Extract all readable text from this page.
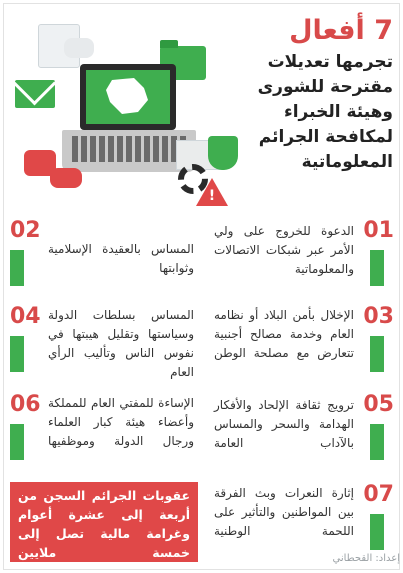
!
7 أفعال
تجرمها تعديلات مقترحة للشورى وهيئة الخبراء لمكافحة الجرائم المعلوماتية
01
الدعوة للخروج على ولي الأمر عبر شبكات الاتصالات والمعلوماتية
03
الإخلال بأمن البلاد أو نظامه العام وخدمة مصالح أجنبية تتعارض مع مصلحة الوطن
05
ترويج ثقافة الإلحاد والأفكار الهدامة والسحر والمساس بالآداب العامة
07
إثارة النعرات وبث الفرقة بين المواطنين والتأثير على اللحمة الوطنية
02
المساس بالعقيدة الإسلامية وثوابتها
04 المساس بسلطات الدولة وسياستها وتقليل هيبتها في نفوس الناس وتأليب الرأي العام
06 الإساءة للمفتي العام للمملكة وأعضاء هيئة كبار العلماء ورجال الدولة وموظفيها
عقوبات الجرائم السجن من أربعة إلى عشرة أعوام وغرامة مالية تصل إلى خمسة ملايين	إعداد: القحطاني
